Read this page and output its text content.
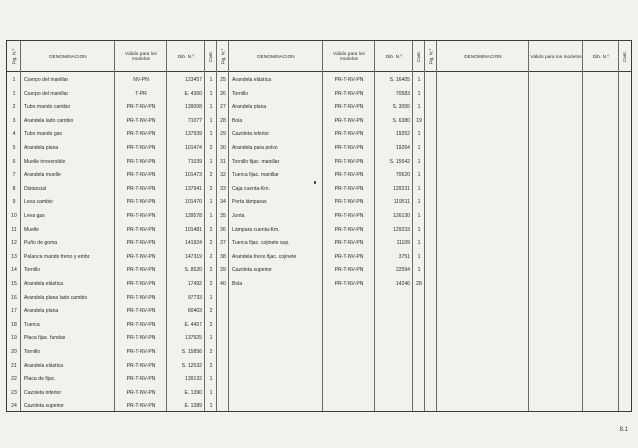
Fig. N.º	DENOMINACION	Válido para los modelos	Dib. N.º	Cant.
1	Cuerpo del manillar	NV-PN	123457	1
1	Cuerpo del manillar	T-PR	E. 4360	1
2	Tubo mando cambio	PR-T-NV-PN	139008	1
3	Arandela lado cambio	PR-T-NV-PN	71077	1
4	Tubo mando gas	PR-T-NV-PN	137939	1
5	Arandela plana	PR-T-NV-PN	101474	2
6	Muelle irreversible	PR-T-NV-PN	71039	1
7	Arandela muelle	PR-T-NV-PN	101473	2
8	Distancial	PR-T-NV-PN	137941	2
9	Leva cambio	PR-T-NV-PN	101470	1
10	Leva gas	PR-T-NV-PN	139578	1
11	Muelle	PR-T-NV-PN	101481	2
12	Puño de goma	PR-T-NV-PN	141924	2
13	Palanca mando freno y embr.	PR-T-NV-PN	147319	2
14	Tornillo	PR-T-NV-PN	S. 8520	2
15	Arandela elástica	PR-T-NV-PN	17492	2
16	Arandela plana lado cambio	PR-T-NV-PN	97733	1
17	Arandela plana	PR-T-NV-PN	60403	2
18	Tuerca	PR-T-NV-PN	E. 4457	2
19	Placa fijac. fundas	PR-T-NV-PN	137925	1
20	Tornillo	PR-T-NV-PN	S. 15856	2
21	Arandela elástica	PR-T-NV-PN	S. 12532	2
22	Placa de fijac.	PR-T-NV-PN	139132	1
23	Cazoleta inferior	PR-T-NV-PN	E. 1390	1
24	Cazoleta superior	PR-T-NV-PN	E. 1389	1
Fig. N.º	DENOMINACION	Válido para los modelos	Dib. N.º	Cant.
25	Arandela elástica	PR-T-NV-PN	S. 16405	1
26	Tornillo	PR-T-NV-PN	70583	1
27	Arandela plana	PR-T-NV-PN	S. 3055	1
28	Bola	PR-T-NV-PN	S. 6380	19
29	Cazoleta inferior	PR-T-NV-PN	19252	1
30	Arandela para polvo	PR-T-NV-PN	19264	1
31	Tornillo fijac. manillar	PR-T-NV-PN	S. 15542	1
32	Tuerca fijac. manillar	PR-T-NV-PN	70620	1
33	Caja cuenta-Km.	PR-T-NV-PN	129231	1
34	Porta lámparas	PR-T-NV-PN	119511	1
35	Junta	PR-T-NV-PN	126130	1
36	Lámpara cuenta-Km.	PR-T-NV-PN	129233	1
37	Tuerca fijac. cojinete sup.	PR-T-NV-PN	11109	1
38	Arandela freno fijac. cojinete	PR-T-NV-PN	3751	1
39	Cazoleta superior	PR-T-NV-PN	22594	1
40	Bola	PR-T-NV-PN	14246	28
Fig. N.º	DENOMINACION	Válido para los modelos Dib. N.º	Cant.
8.1
